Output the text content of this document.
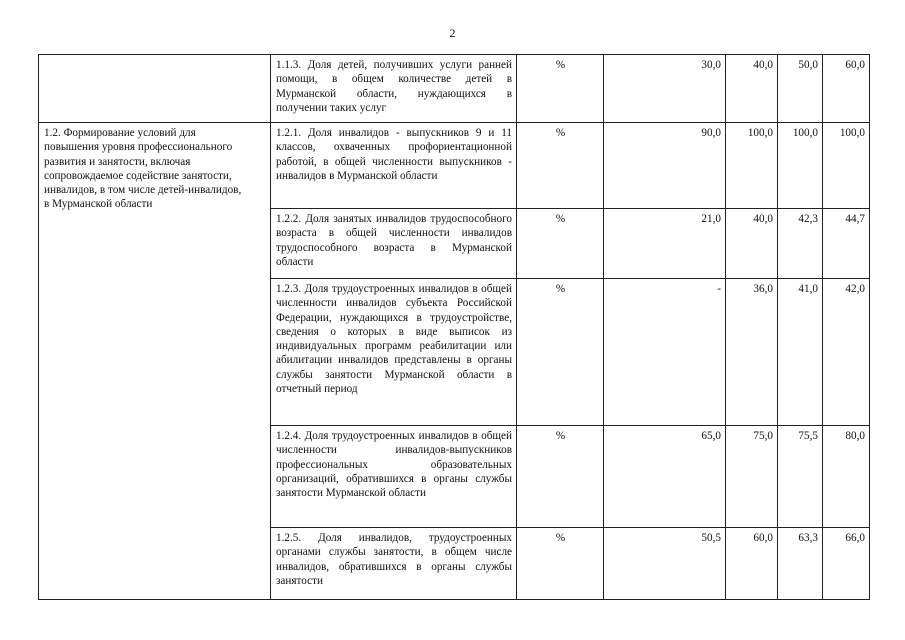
2
	1.1.3. Доля детей, получивших услуги ранней помощи, в общем количестве детей в Мурманской области, нуждающихся в получении таких услуг	%	30,0	40,0	50,0	60,0

1.2. Формирование условий для повышения уровня профессионального развития и занятости, включая сопровождаемое содействие занятости, инвалидов, в том числе детей-инвалидов, в Мурманской области	1.2.1. Доля инвалидов - выпускников 9 и 11 классов, охваченных профориентационной работой, в общей численности выпускников - инвалидов в Мурманской области	%	90,0	100,0	100,0	100,0
	1.2.2. Доля занятых инвалидов трудоспособного возраста в общей численности инвалидов трудоспособного возраста в Мурманской области	%	21,0	40,0	42,3	44,7
	1.2.3. Доля трудоустроенных инвалидов в общей численности инвалидов субъекта Российской Федерации, нуждающихся в трудоустройстве, сведения о которых в виде выписок из индивидуальных программ реабилитации или абилитации инвалидов представлены в органы службы занятости Мурманской области в отчетный период	%	-	36,0	41,0	42,0
	1.2.4. Доля трудоустроенных инвалидов в общей численности инвалидов-выпускников профессиональных образовательных организаций, обратившихся в органы службы занятости Мурманской области	%	65,0	75,0	75,5	80,0
	1.2.5. Доля инвалидов, трудоустроенных органами службы занятости, в общем числе инвалидов, обратившихся в органы службы занятости	%	50,5	60,0	63,3	66,0
